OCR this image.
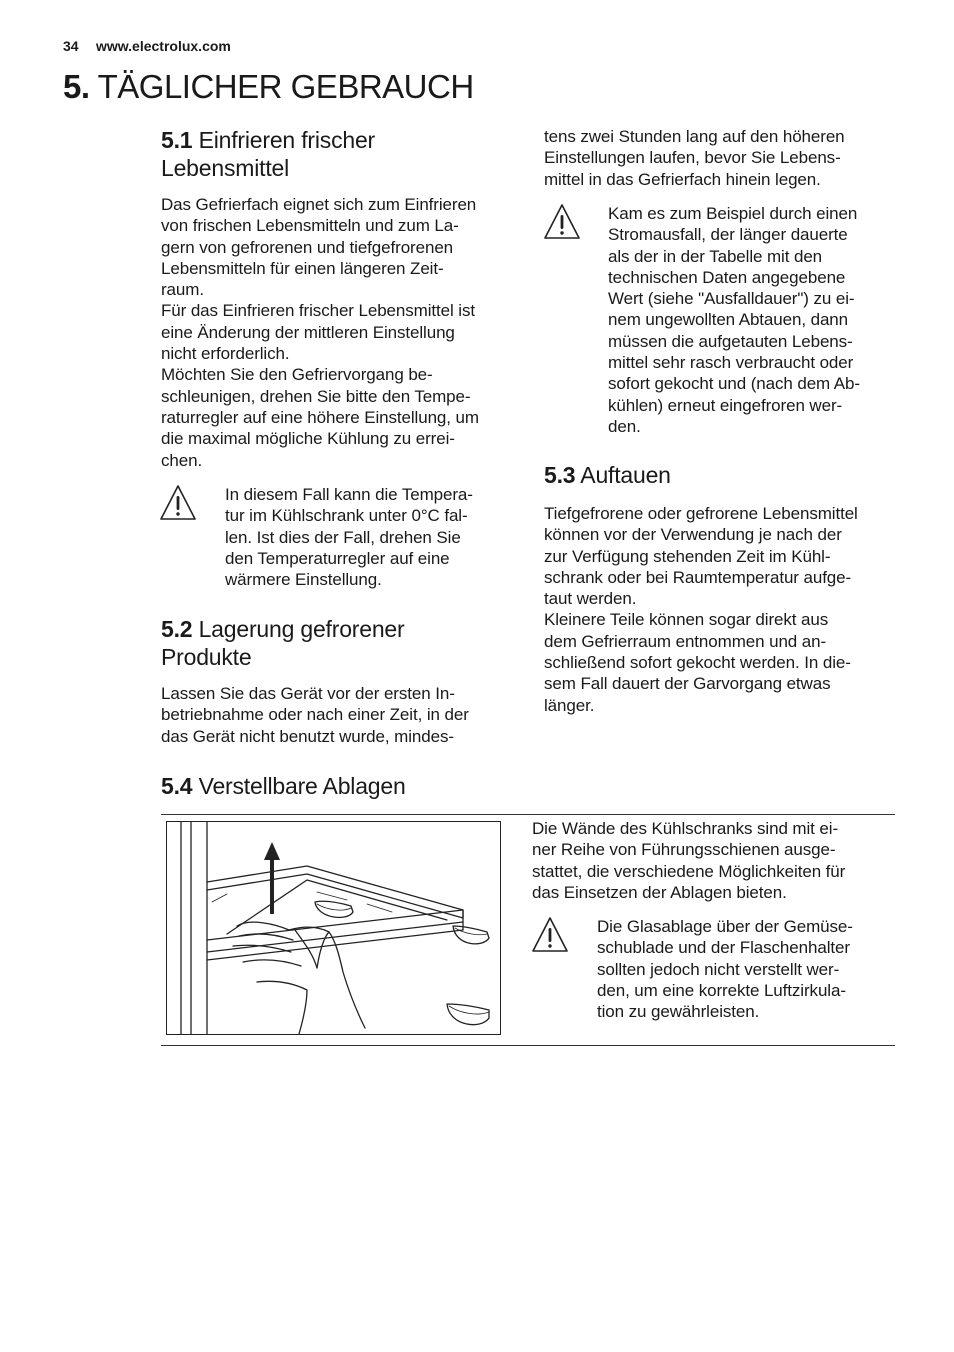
34 www.electrolux.com
5. TÄGLICHER GEBRAUCH
5.1 Einfrieren frischer
Lebensmittel
Das Gefrierfach eignet sich zum Einfrieren
von frischen Lebensmitteln und zum La-
gern von gefrorenen und tiefgefrorenen
Lebensmitteln für einen längeren Zeit-
raum.
Für das Einfrieren frischer Lebensmittel ist
eine Änderung der mittleren Einstellung
nicht erforderlich.
Möchten Sie den Gefriervorgang be-
schleunigen, drehen Sie bitte den Tempe-
raturregler auf eine höhere Einstellung, um
die maximal mögliche Kühlung zu errei-
chen.
In diesem Fall kann die Tempera-
tur im Kühlschrank unter 0°C fal-
len. Ist dies der Fall, drehen Sie
den Temperaturregler auf eine
wärmere Einstellung.
5.2 Lagerung gefrorener
Produkte
Lassen Sie das Gerät vor der ersten In-
betriebnahme oder nach einer Zeit, in der
das Gerät nicht benutzt wurde, mindes-
tens zwei Stunden lang auf den höheren
Einstellungen laufen, bevor Sie Lebens-
mittel in das Gefrierfach hinein legen.
Kam es zum Beispiel durch einen
Stromausfall, der länger dauerte
als der in der Tabelle mit den
technischen Daten angegebene
Wert (siehe "Ausfalldauer") zu ei-
nem ungewollten Abtauen, dann
müssen die aufgetauten Lebens-
mittel sehr rasch verbraucht oder
sofort gekocht und (nach dem Ab-
kühlen) erneut eingefroren wer-
den.
5.3 Auftauen
Tiefgefrorene oder gefrorene Lebensmittel
können vor der Verwendung je nach der
zur Verfügung stehenden Zeit im Kühl-
schrank oder bei Raumtemperatur aufge-
taut werden.
Kleinere Teile können sogar direkt aus
dem Gefrierraum entnommen und an-
schließend sofort gekocht werden. In die-
sem Fall dauert der Garvorgang etwas
länger.
5.4 Verstellbare Ablagen
Die Wände des Kühlschranks sind mit ei-
ner Reihe von Führungsschienen ausge-
stattet, die verschiedene Möglichkeiten für
das Einsetzen der Ablagen bieten.
Die Glasablage über der Gemüse-
schublade und der Flaschenhalter
sollten jedoch nicht verstellt wer-
den, um eine korrekte Luftzirkula-
tion zu gewährleisten.
